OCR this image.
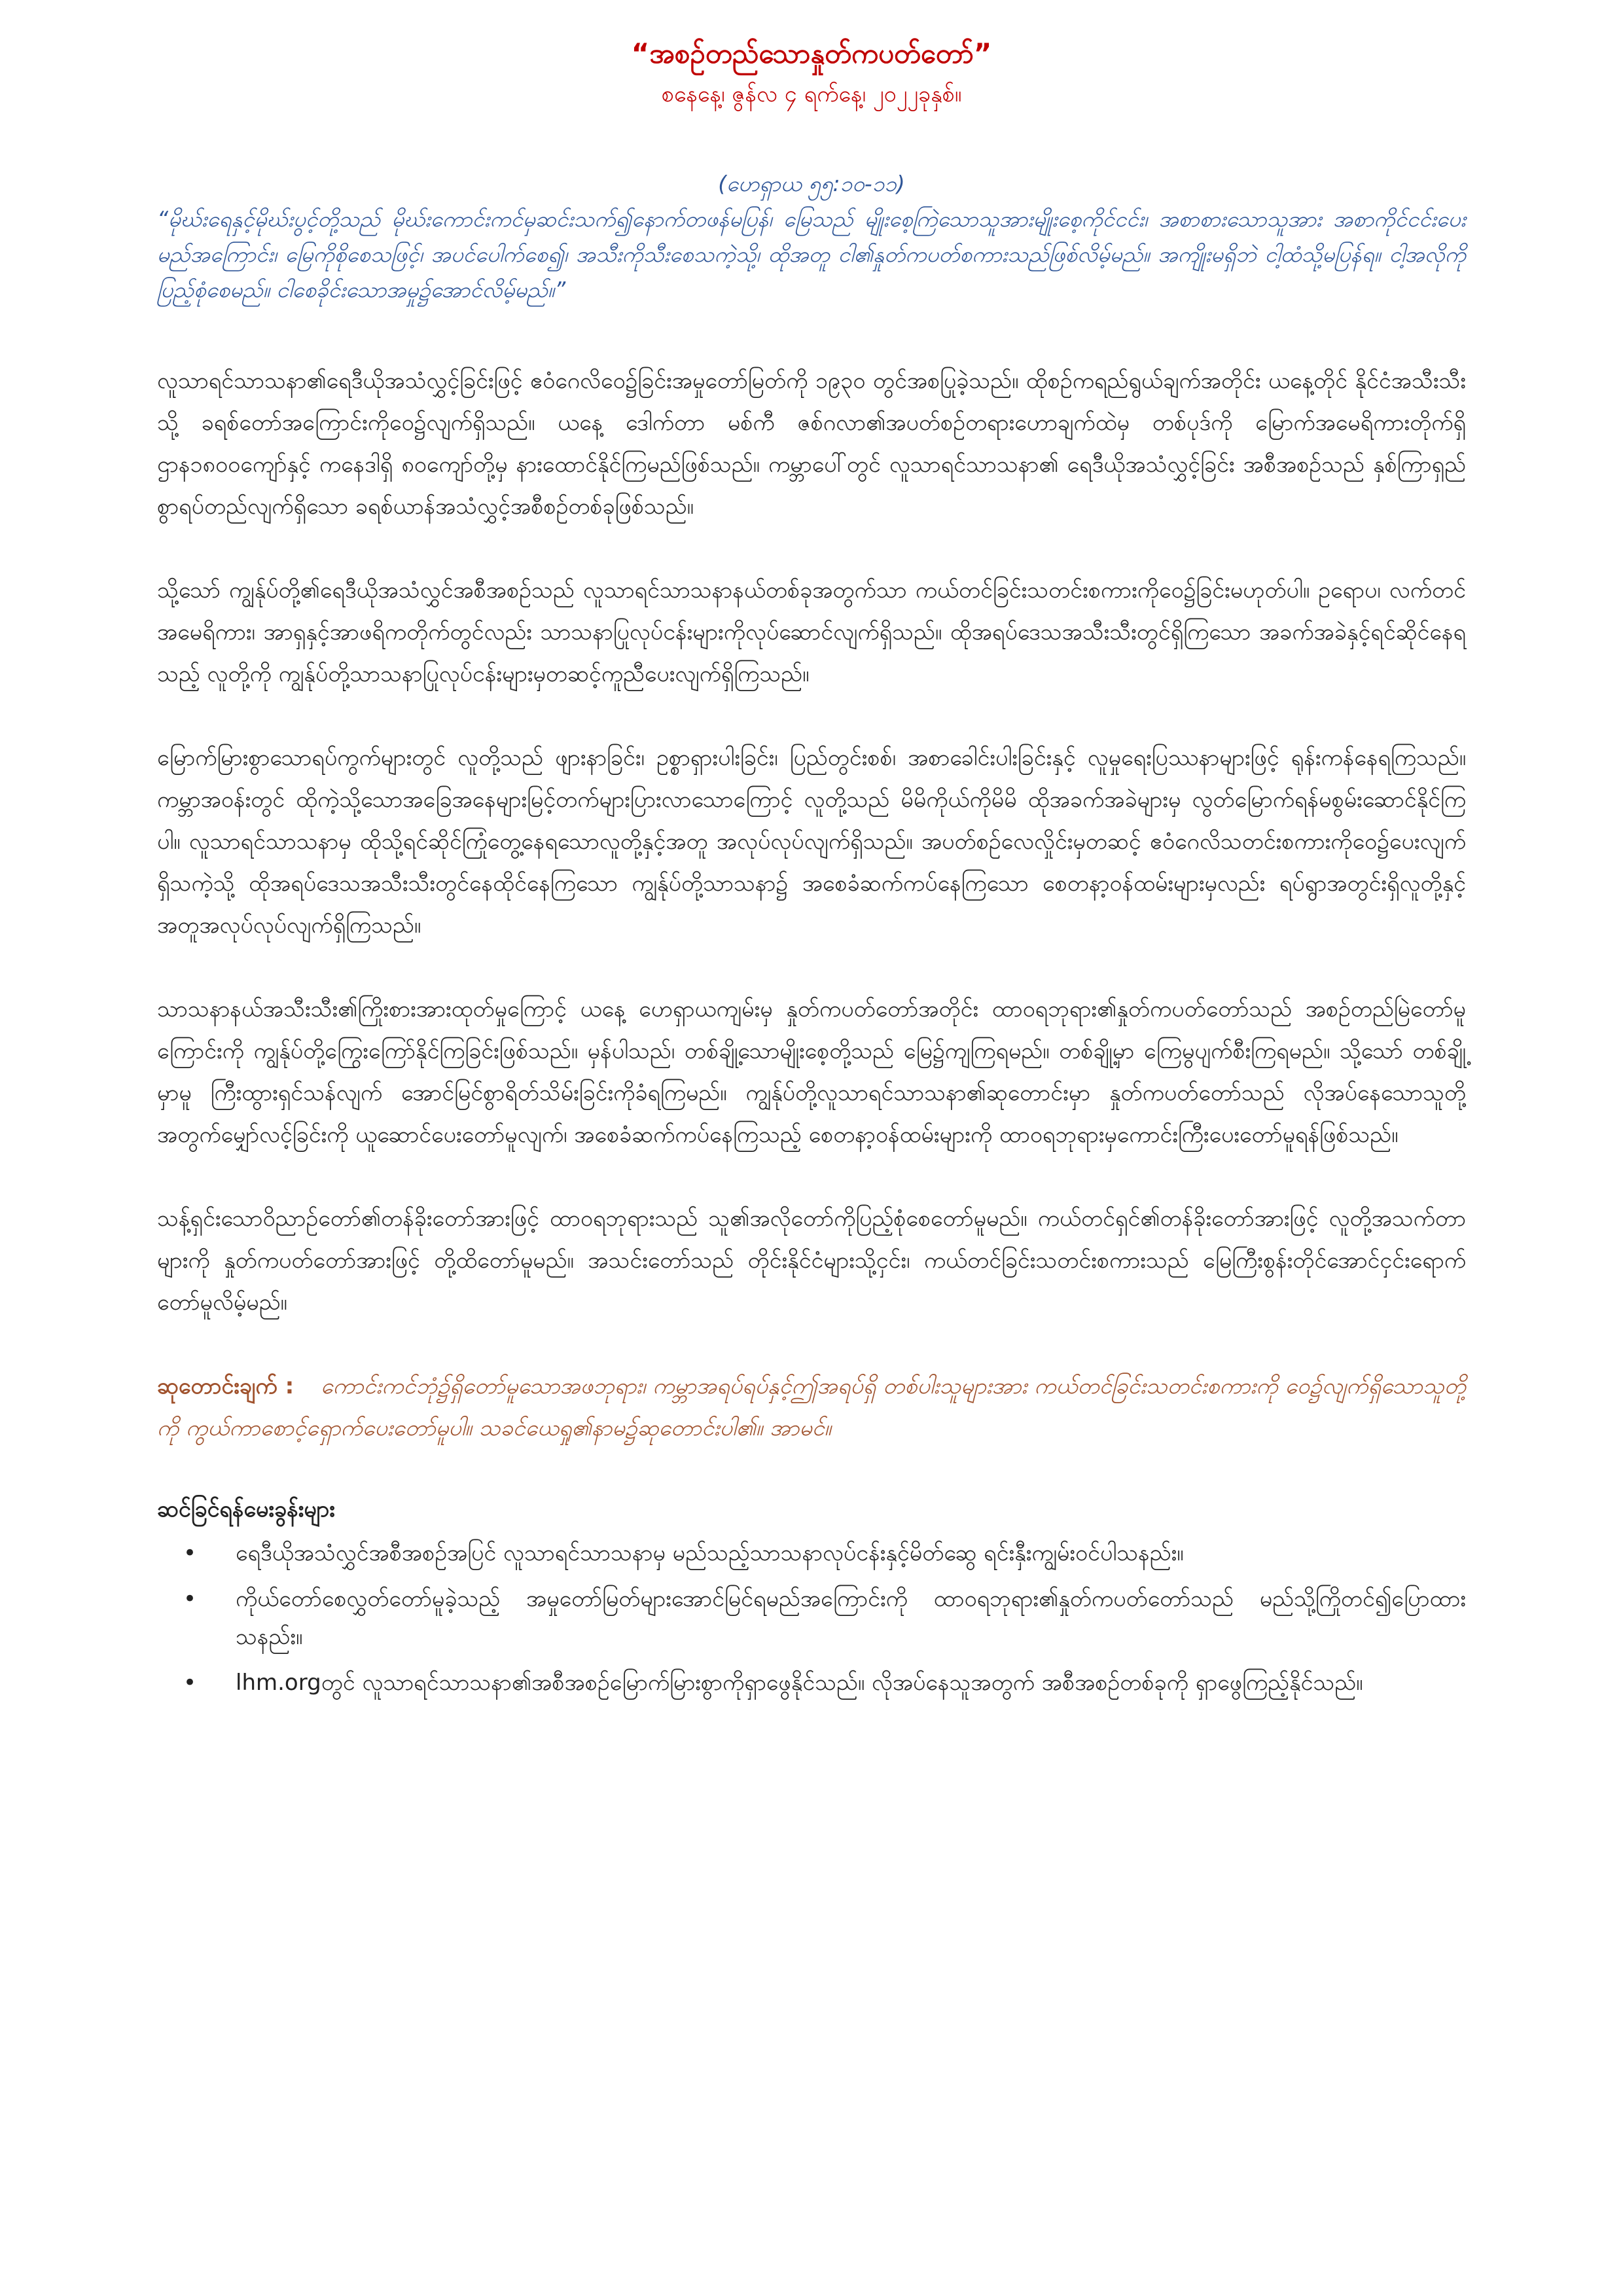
“အစဉ်တည်သောနှုတ်ကပတ်တော်”

စနေနေ့၊ ဇွန်လ ၄ ရက်နေ့၊ ၂၀၂၂ခုနှစ်။

(ဟေရှာယ ၅၅:၁၀-၁၁)

“မိုဃ်းရေနှင့်မိုဃ်းပွင့်တို့သည် မိုဃ်းကောင်းကင်မှဆင်းသက်၍နောက်တဖန်မပြန်၊ မြေသည် မျိုးစေ့ကြဲသောသူအားမျိုးစေ့ကိုင်ငင်း၊ အစာစားသောသူအား အစာကိုင်ငင်းပေးမည်အကြောင်း၊ မြေကိုစိုစေသဖြင့်၊ အပင်ပေါက်စေ၍၊ အသီးကိုသီးစေသကဲ့သို့၊ ထိုအတူ ငါ၏နှုတ်ကပတ်စကားသည်ဖြစ်လိမ့်မည်။ အကျိုးမရှိဘဲ ငါ့ထံသို့မပြန်ရ။ ငါ့အလိုကိုပြည့်စုံစေမည်။ ငါစေခိုင်းသောအမှု၌အောင်လိမ့်မည်။”

လူသာရင်သာသနာ၏ရေဒီယိုအသံလွှင့်ခြင်းဖြင့် ဧဝံဂေလိဝေ၌ခြင်းအမှုတော်မြတ်ကို ၁၉၃၀ တွင်အစပြုခဲ့သည်။ ထိုစဉ်ကရည်ရွယ်ချက်အတိုင်း ယနေ့တိုင် နိုင်ငံအသီးသီးသို့ ခရစ်တော်အကြောင်းကိုဝေ၌လျက်ရှိသည်။ ယနေ့ ဒေါက်တာ မစ်ကီ ဇစ်ဂလာ၏အပတ်စဉ်တရားဟောချက်ထဲမှ တစ်ပုဒ်ကို မြောက်အမေရိကားတိုက်ရှိ ဌာန၁၈၀၀ကျော်နှင့် ကနေဒါရှိ ၈၀ကျော်တို့မှ နားထောင်နိုင်ကြမည်ဖြစ်သည်။ ကမ္ဘာပေါ်တွင် လူသာရင်သာသနာ၏ ရေဒီယိုအသံလွှင့်ခြင်း အစီအစဉ်သည် နှစ်ကြာရှည်စွာရပ်တည်လျက်ရှိသော ခရစ်ယာန်အသံလွှင့်အစီစဉ်တစ်ခုဖြစ်သည်။

သို့သော် ကျွန်ုပ်တို့၏ရေဒီယိုအသံလွှင်အစီအစဉ်သည် လူသာရင်သာသနာနယ်တစ်ခုအတွက်သာ ကယ်တင်ခြင်းသတင်းစကားကိုဝေ၌ခြင်းမဟုတ်ပါ။ ဥရောပ၊ လက်တင်အမေရိကား၊ အာရှနှင့်အာဖရိကတိုက်တွင်လည်း သာသနာပြုလုပ်ငန်းများကိုလုပ်ဆောင်လျက်ရှိသည်။ ထိုအရပ်ဒေသအသီးသီးတွင်ရှိကြသော အခက်အခဲနှင့်ရင်ဆိုင်နေရသည့် လူတို့ကို ကျွန်ုပ်တို့သာသနာပြုလုပ်ငန်းများမှတဆင့်ကူညီပေးလျက်ရှိကြသည်။

မြောက်မြားစွာသောရပ်ကွက်များတွင် လူတို့သည် ဖျားနာခြင်း၊ ဥစ္စာရှားပါးခြင်း၊ ပြည်တွင်းစစ်၊ အစာခေါင်းပါးခြင်းနှင့် လူမှုရေးပြဿနာများဖြင့် ရုန်းကန်နေရကြသည်။ ကမ္ဘာအဝန်းတွင် ထိုကဲ့သို့သောအခြေအနေများမြင့်တက်များပြားလာသောကြောင့် လူတို့သည် မိမိကိုယ်ကိုမိမိ ထိုအခက်အခဲများမှ လွတ်မြောက်ရန်မစွမ်းဆောင်နိုင်ကြပါ။ လူသာရင်သာသနာမှ ထိုသို့ရင်ဆိုင်ကြုံတွေ့နေရသောလူတို့နှင့်အတူ အလုပ်လုပ်လျက်ရှိသည်။ အပတ်စဉ်လေလှိုင်းမှတဆင့် ဧဝံဂေလိသတင်းစကားကိုဝေ၌ပေးလျက်ရှိသကဲ့သို့ ထိုအရပ်ဒေသအသီးသီးတွင်နေထိုင်နေကြသော ကျွန်ုပ်တို့သာသနာ၌ အစေခံဆက်ကပ်နေကြသော စေတနာ့ဝန်ထမ်းများမှလည်း ရပ်ရွာအတွင်းရှိလူတို့နှင့်အတူအလုပ်လုပ်လျက်ရှိကြသည်။

သာသနာနယ်အသီးသီး၏ကြိုးစားအားထုတ်မှုကြောင့် ယနေ့ ဟေရှာယကျမ်းမှ နှုတ်ကပတ်တော်အတိုင်း ထာဝရဘုရား၏နှုတ်ကပတ်တော်သည် အစဉ်တည်မြဲတော်မူကြောင်းကို ကျွန်ုပ်တို့ကြွေးကြော်နိုင်ကြခြင်းဖြစ်သည်။ မှန်ပါသည်၊ တစ်ချို့သောမျိုးစေ့တို့သည် မြေ၌ကျကြရမည်။ တစ်ချို့မှာ ကြေမွပျက်စီးကြရမည်။ သို့သော် တစ်ချို့မှာမူ ကြီးထွားရှင်သန်လျက် အောင်မြင်စွာရိတ်သိမ်းခြင်းကိုခံရကြမည်။ ကျွန်ုပ်တို့လူသာရင်သာသနာ၏ဆုတောင်းမှာ နှုတ်ကပတ်တော်သည် လိုအပ်နေသောသူတို့အတွက်မျှော်လင့်ခြင်းကို ယူဆောင်ပေးတော်မူလျက်၊ အစေခံဆက်ကပ်နေကြသည့် စေတနာ့ဝန်ထမ်းများကို ထာဝရဘုရားမှကောင်းကြီးပေးတော်မူရန်ဖြစ်သည်။

သန့်ရှင်းသောဝိညာဉ်တော်၏တန်ခိုးတော်အားဖြင့် ထာဝရဘုရားသည် သူ၏အလိုတော်ကိုပြည့်စုံစေတော်မူမည်။ ကယ်တင်ရှင်၏တန်ခိုးတော်အားဖြင့် လူတို့အသက်တာများကို နှုတ်ကပတ်တော်အားဖြင့် တို့ထိတော်မူမည်။ အသင်းတော်သည် တိုင်းနိုင်ငံများသို့ငှင်း၊ ကယ်တင်ခြင်းသတင်းစကားသည် မြေကြီးစွန်းတိုင်အောင်ငှင်းရောက်တော်မူလိမ့်မည်။

ဆုတောင်းချက် : ကောင်းကင်ဘုံ၌ရှိတော်မူသောအဖဘုရား၊ ကမ္ဘာအရပ်ရပ်နှင့်ဤအရပ်ရှိ တစ်ပါးသူများအား ကယ်တင်ခြင်းသတင်းစကားကို ဝေ၌လျက်ရှိသောသူတို့ကို ကွယ်ကာစောင့်ရှောက်ပေးတော်မူပါ။ သခင်ယေရှု၏နာမ၌ဆုတောင်းပါ၏။ အာမင်။

ဆင်ခြင်ရန်မေးခွန်းများ
• ရေဒီယိုအသံလွှင်အစီအစဉ်အပြင် လူသာရင်သာသနာမှ မည်သည့်သာသနာလုပ်ငန်းနှင့်မိတ်ဆွေ ရင်းနှီးကျွမ်းဝင်ပါသနည်း။
• ကိုယ်တော်စေလွှတ်တော်မူခဲ့သည့် အမှုတော်မြတ်များအောင်မြင်ရမည်အကြောင်းကို ထာဝရဘုရား၏နှုတ်ကပတ်တော်သည် မည်သို့ကြိုတင်၍ပြောထားသနည်း။
• lhm.orgတွင် လူသာရင်သာသနာ၏အစီအစဉ်မြောက်မြားစွာကိုရှာဖွေနိုင်သည်။ လိုအပ်နေသူအတွက် အစီအစဉ်တစ်ခုကို ရှာဖွေကြည့်နိုင်သည်။
